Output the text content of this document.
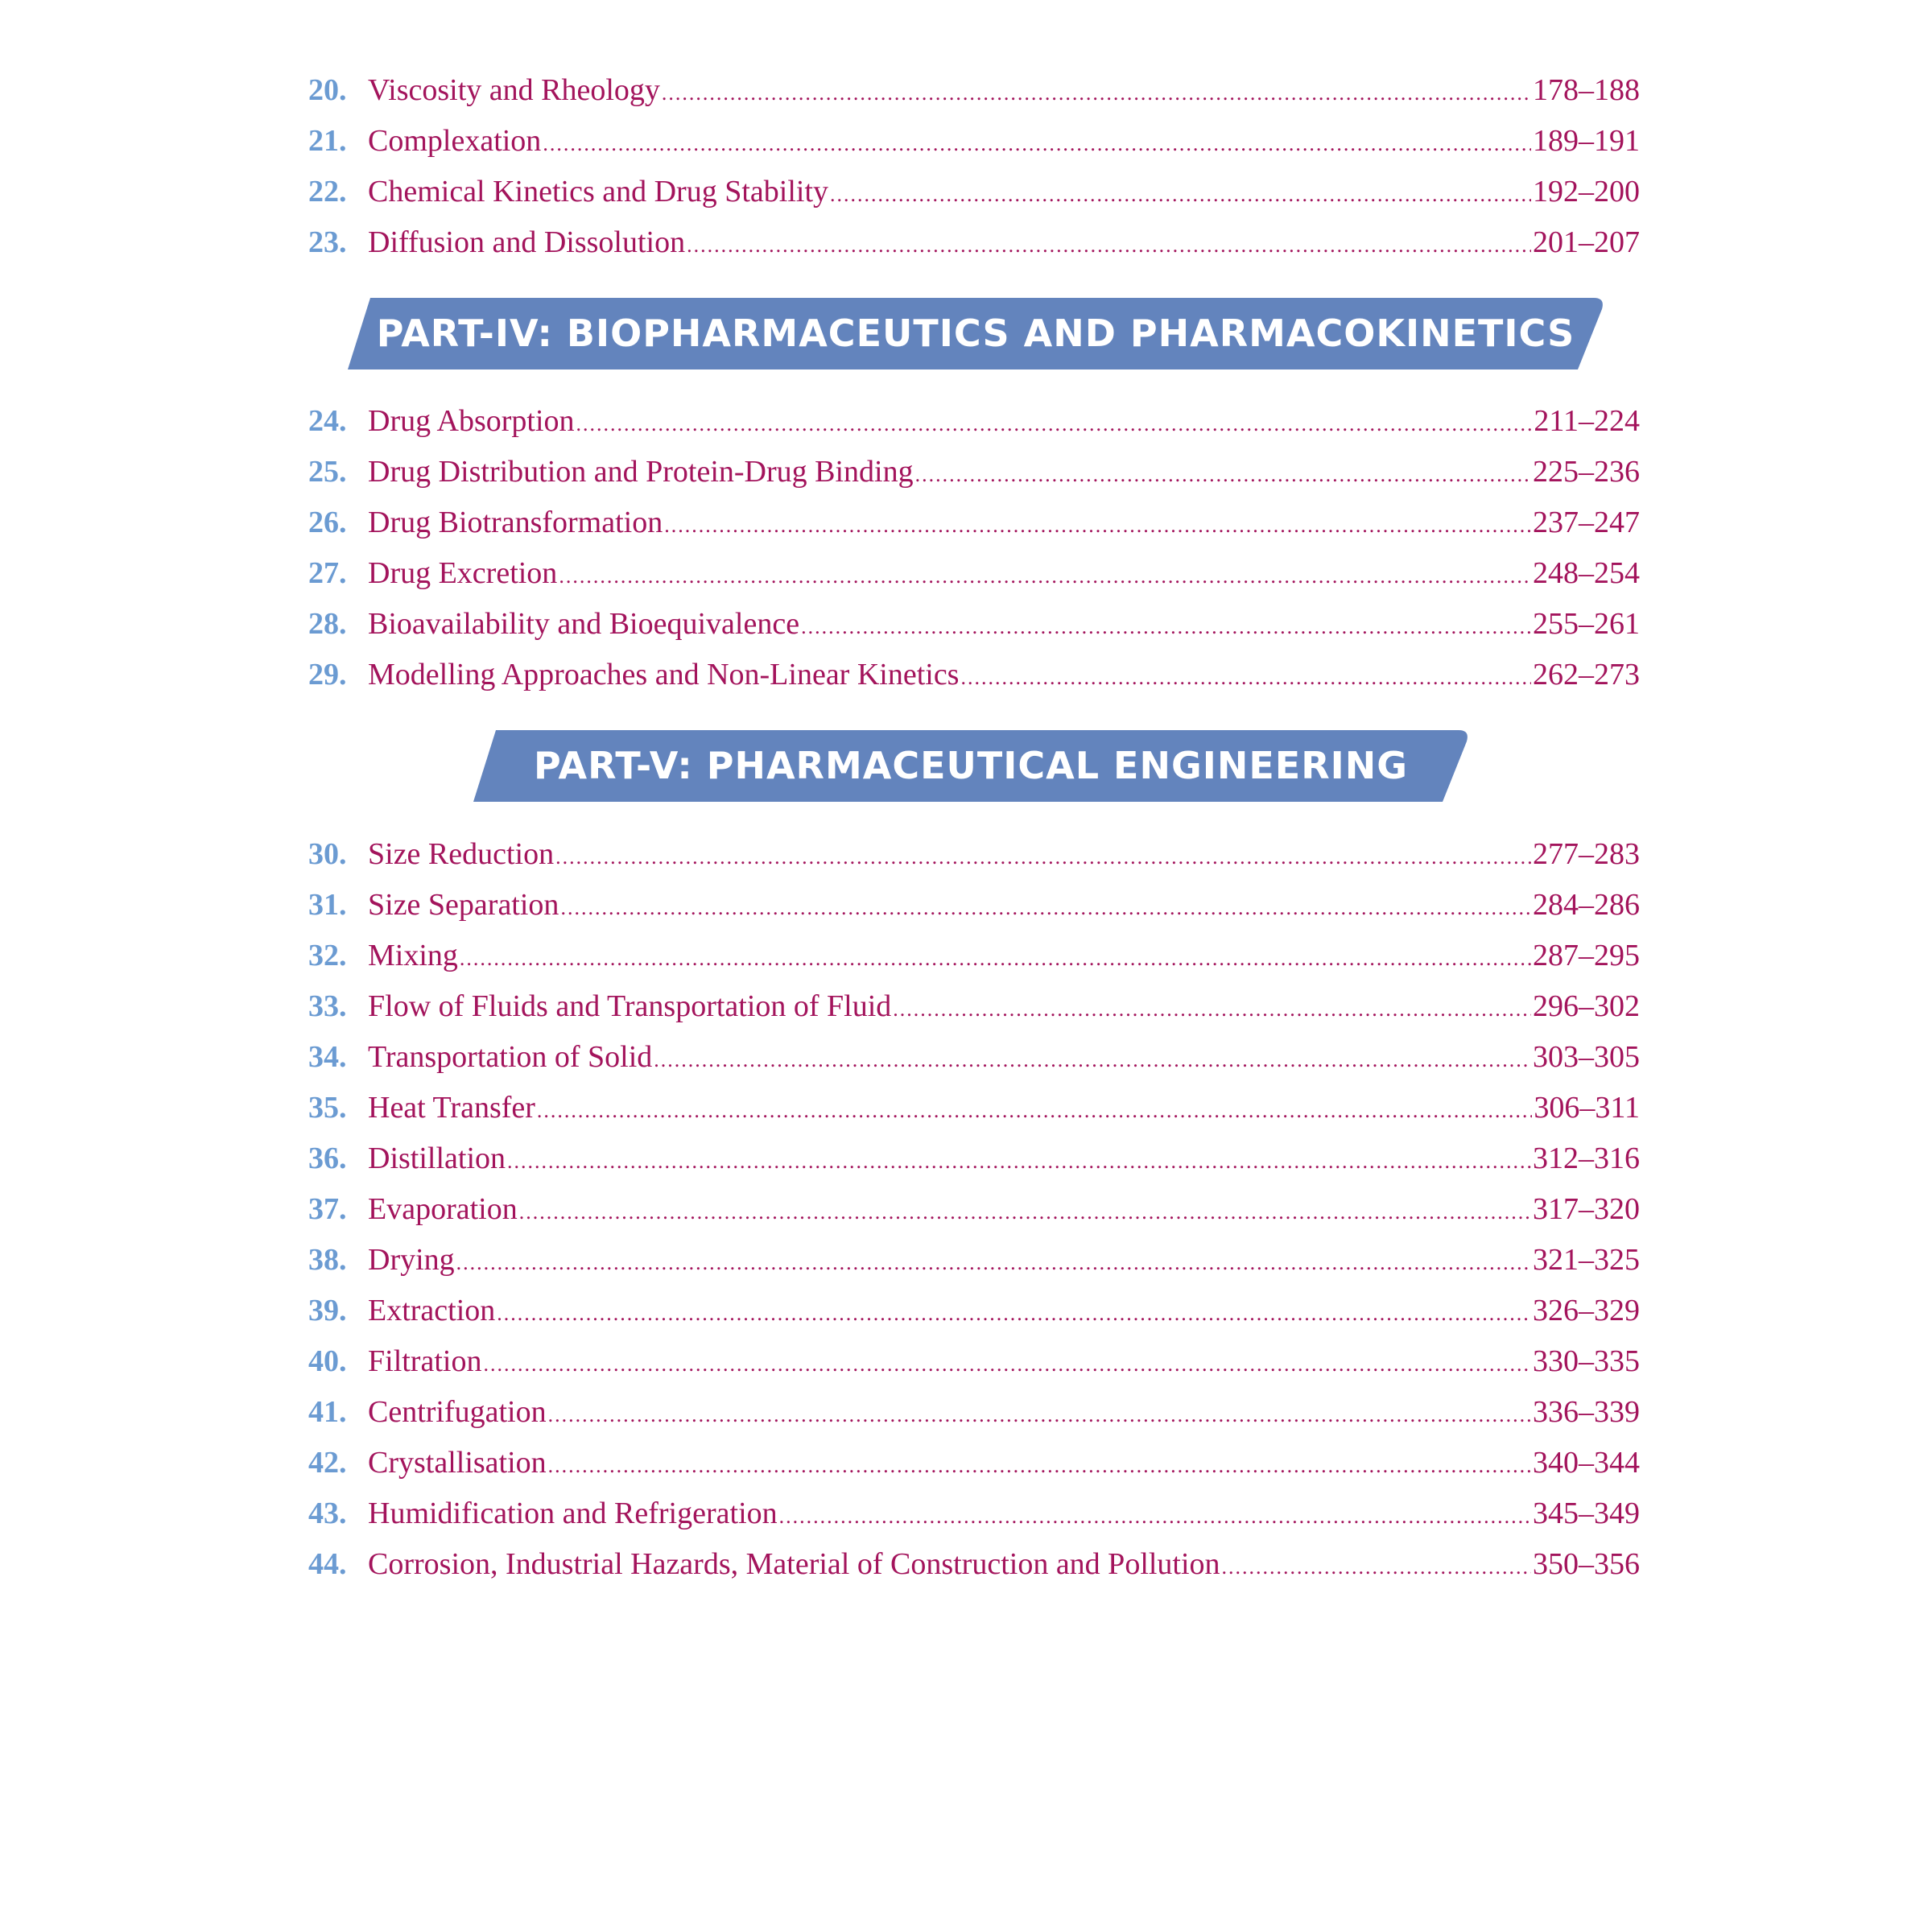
PART-IV: BIOPHARMACEUTICS AND PHARMACOKINETICS
PART-V: PHARMACEUTICAL ENGINEERING
20. Viscosity and Rheology .....	178–188
21. Complexation .....	189–191
22. Chemical Kinetics and Drug Stability .....	192–200
23. Diffusion and Dissolution .....	201–207
24. Drug Absorption .....	211–224
25. Drug Distribution and Protein-Drug Binding .....	225–236
26. Drug Biotransformation .....	237–247
27. Drug Excretion .....	248–254
28. Bioavailability and Bioequivalence .....	255–261
29. Modelling Approaches and Non-Linear Kinetics .....	262–273
30. Size Reduction .....	277–283
31. Size Separation .....	284–286
32. Mixing .....	287–295
33. Flow of Fluids and Transportation of Fluid .....	296–302
34. Transportation of Solid .....	303–305
35. Heat Transfer .....	306–311
36. Distillation .....	312–316
37. Evaporation .....	317–320
38. Drying .....	321–325
39. Extraction .....	326–329
40. Filtration .....	330–335
41. Centrifugation .....	336–339
42. Crystallisation .....	340–344
43. Humidification and Refrigeration .....	345–349
44. Corrosion, Industrial Hazards, Material of Construction and Pollution .....	350–356
